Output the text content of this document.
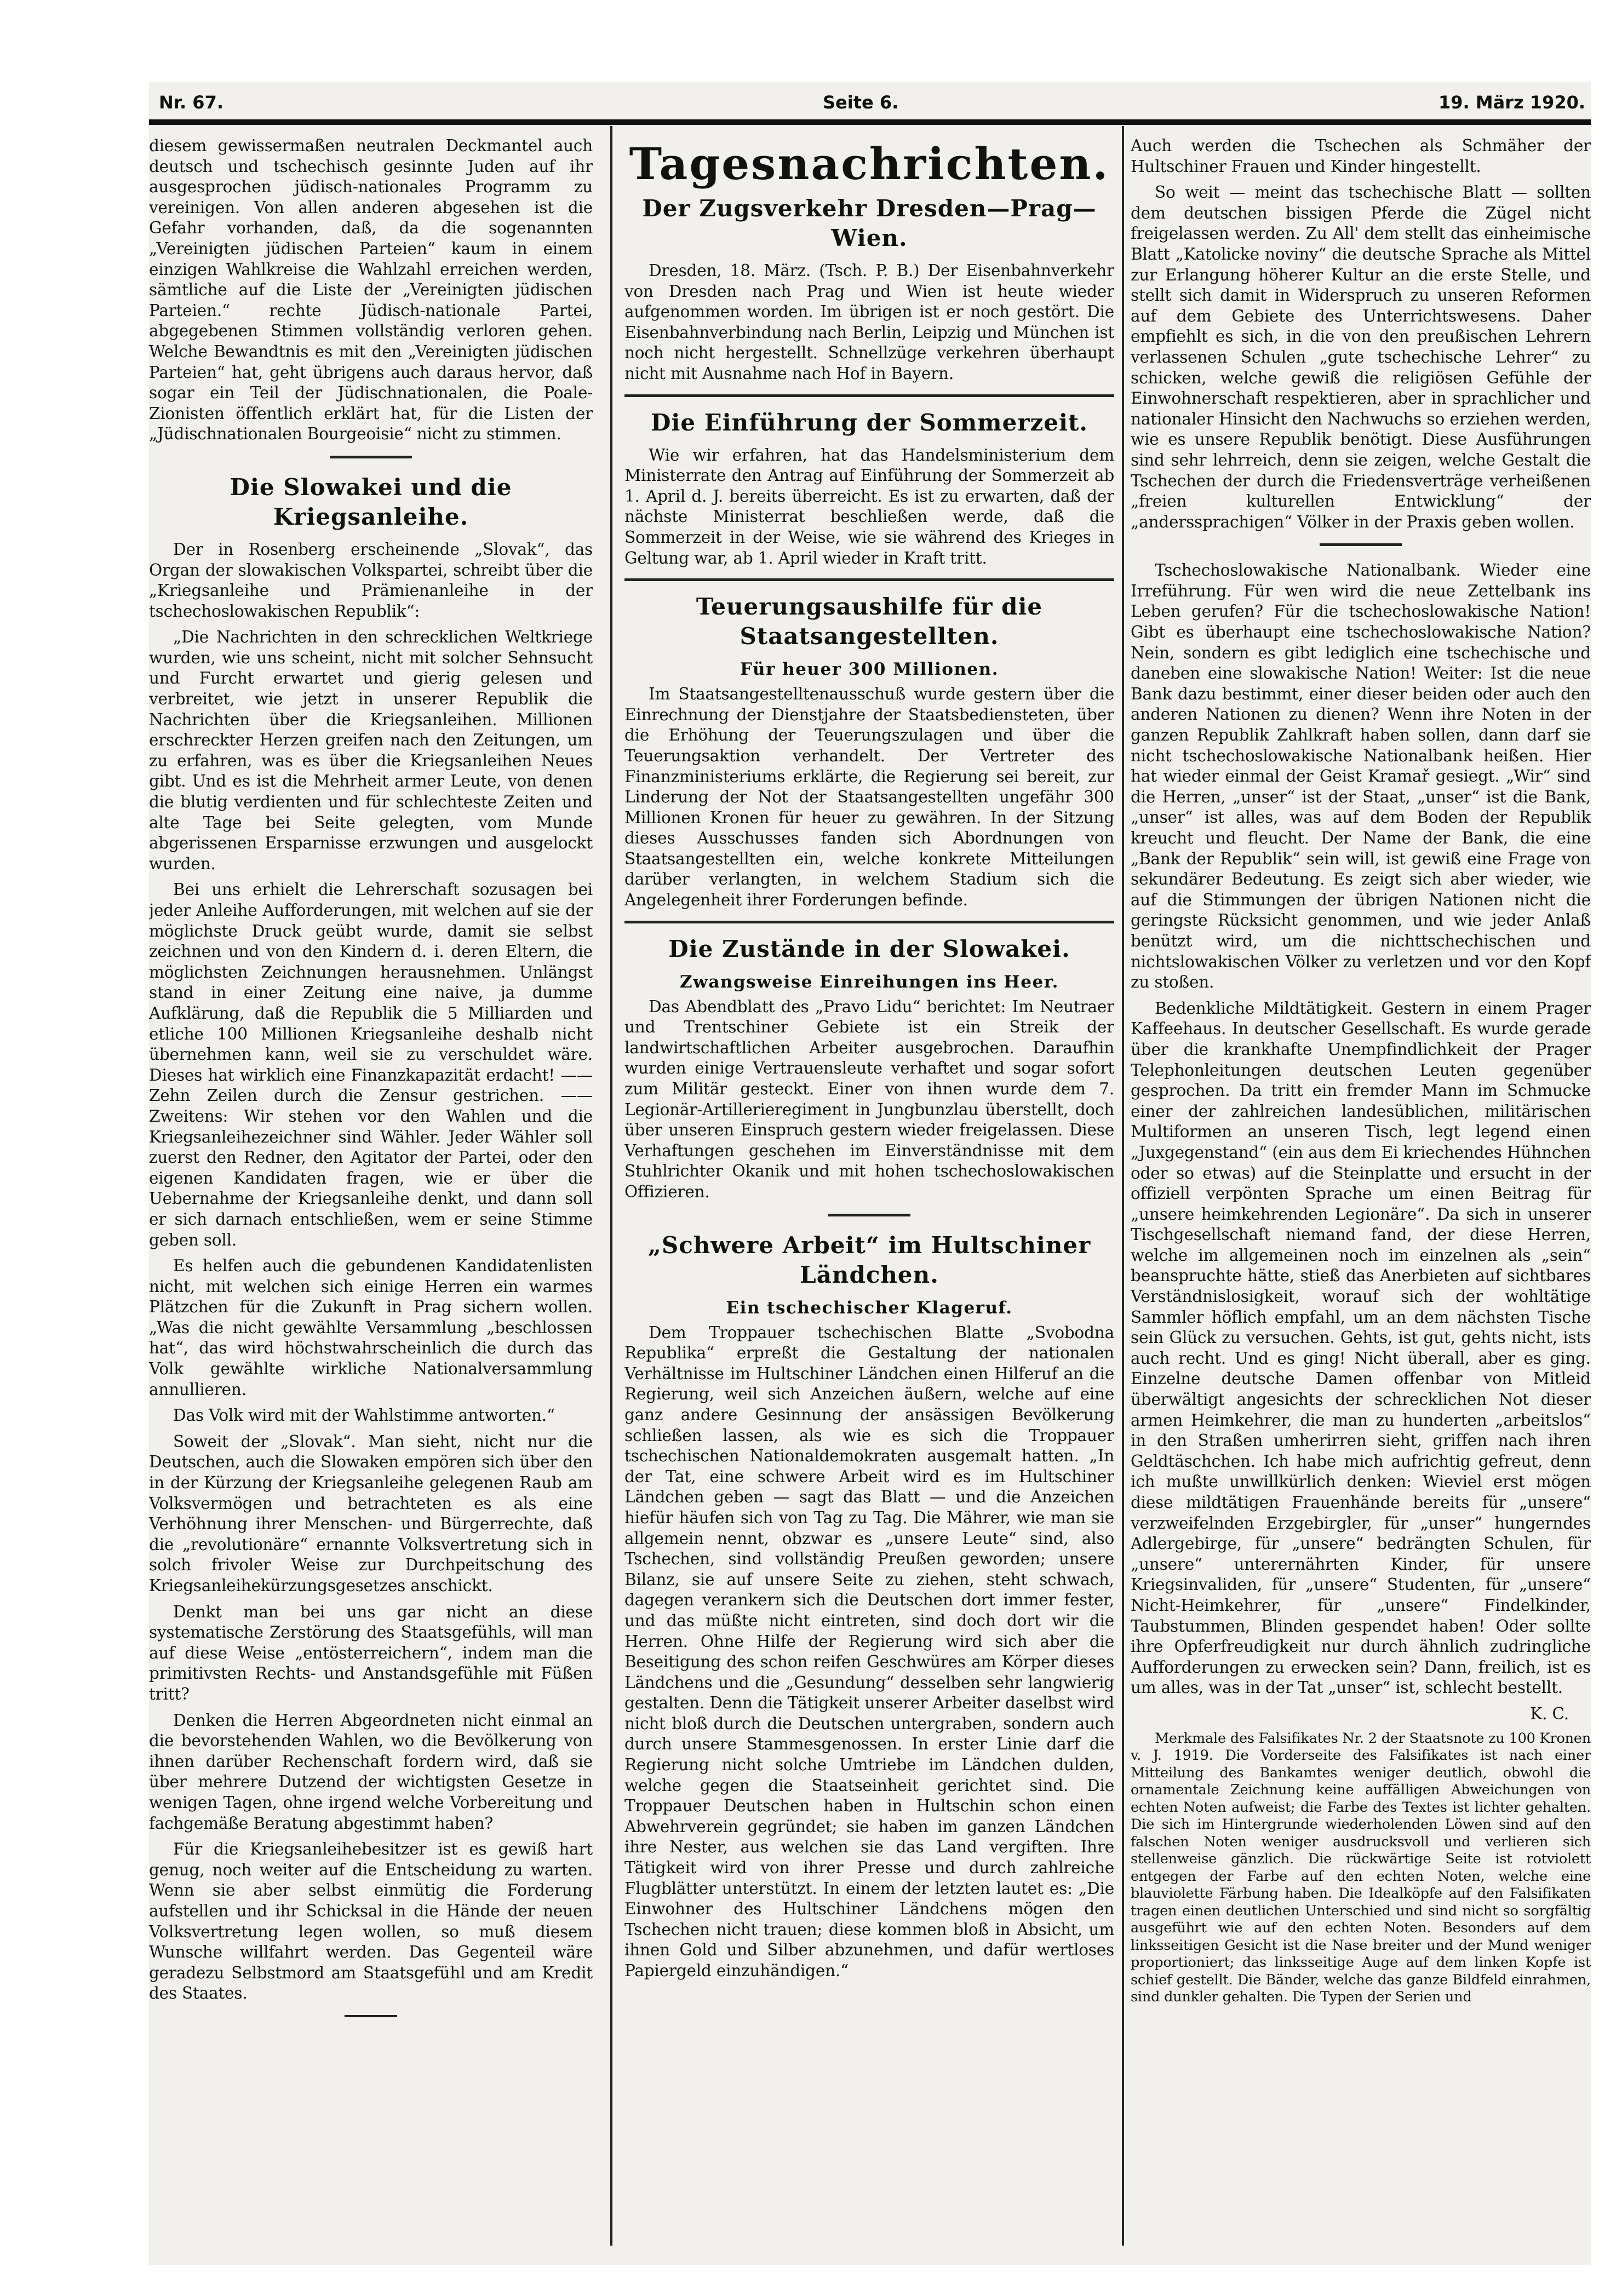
Nr. 67.	Seite 6.	19. März 1920.

diesem gewissermaßen neutralen Deckmantel auch deutsch und tschechisch gesinnte Juden auf ihr ausgesprochen jüdisch-nationales Programm zu vereinigen. Von allen anderen abgesehen ist die Gefahr vorhanden, daß, da die sogenannten „Vereinigten jüdischen Parteien“ kaum in einem einzigen Wahlkreise die Wahlzahl erreichen werden, sämtliche auf die Liste der „Vereinigten jüdischen Parteien.“ rechte Jüdisch-nationale Partei, abgegebenen Stimmen vollständig verloren gehen. Welche Bewandtnis es mit den „Vereinigten jüdischen Parteien“ hat, geht übrigens auch daraus hervor, daß sogar ein Teil der Jüdischnationalen, die Poale-Zionisten öffentlich erklärt hat, für die Listen der „Jüdischnationalen Bourgeoisie“ nicht zu stimmen.

Die Slowakei und die Kriegsanleihe.

Der in Rosenberg erscheinende „Slovak“, das Organ der slowakischen Volkspartei, schreibt über die „Kriegsanleihe und Prämienanleihe in der tschechoslowakischen Republik“:

„Die Nachrichten in den schrecklichen Weltkriege wurden, wie uns scheint, nicht mit solcher Sehnsucht und Furcht erwartet und gierig gelesen und verbreitet, wie jetzt in unserer Republik die Nachrichten über die Kriegsanleihen. Millionen erschreckter Herzen greifen nach den Zeitungen, um zu erfahren, was es über die Kriegsanleihen Neues gibt. Und es ist die Mehrheit armer Leute, von denen die blutig verdienten und für schlechteste Zeiten und alte Tage bei Seite gelegten, vom Munde abgerissenen Ersparnisse erzwungen und ausgelockt wurden.

Bei uns erhielt die Lehrerschaft sozusagen bei jeder Anleihe Aufforderungen, mit welchen auf sie der möglichste Druck geübt wurde, damit sie selbst zeichnen und von den Kindern d. i. deren Eltern, die möglichsten Zeichnungen herausnehmen. Unlängst stand in einer Zeitung eine naive, ja dumme Aufklärung, daß die Republik die 5 Milliarden und etliche 100 Millionen Kriegsanleihe deshalb nicht übernehmen kann, weil sie zu verschuldet wäre. Dieses hat wirklich eine Finanzkapazität erdacht! —— Zehn Zeilen durch die Zensur gestrichen. —— Zweitens: Wir stehen vor den Wahlen und die Kriegsanleihezeichner sind Wähler. Jeder Wähler soll zuerst den Redner, den Agitator der Partei, oder den eigenen Kandidaten fragen, wie er über die Uebernahme der Kriegsanleihe denkt, und dann soll er sich darnach entschließen, wem er seine Stimme geben soll.

Es helfen auch die gebundenen Kandidatenlisten nicht, mit welchen sich einige Herren ein warmes Plätzchen für die Zukunft in Prag sichern wollen. „Was die nicht gewählte Versammlung „beschlossen hat“, das wird höchstwahrscheinlich die durch das Volk gewählte wirkliche Nationalversammlung annullieren.

Das Volk wird mit der Wahlstimme antworten.“

Soweit der „Slovak“. Man sieht, nicht nur die Deutschen, auch die Slowaken empören sich über den in der Kürzung der Kriegsanleihe gelegenen Raub am Volksvermögen und betrachteten es als eine Verhöhnung ihrer Menschen- und Bürgerrechte, daß die „revolutionäre“ ernannte Volksvertretung sich in solch frivoler Weise zur Durchpeitschung des Kriegsanleihekürzungsgesetzes anschickt.

Denkt man bei uns gar nicht an diese systematische Zerstörung des Staatsgefühls, will man auf diese Weise „entösterreichern“, indem man die primitivsten Rechts- und Anstandsgefühle mit Füßen tritt?

Denken die Herren Abgeordneten nicht einmal an die bevorstehenden Wahlen, wo die Bevölkerung von ihnen darüber Rechenschaft fordern wird, daß sie über mehrere Dutzend der wichtigsten Gesetze in wenigen Tagen, ohne irgend welche Vorbereitung und fachgemäße Beratung abgestimmt haben?

Für die Kriegsanleihebesitzer ist es gewiß hart genug, noch weiter auf die Entscheidung zu warten. Wenn sie aber selbst einmütig die Forderung aufstellen und ihr Schicksal in die Hände der neuen Volksvertretung legen wollen, so muß diesem Wunsche willfahrt werden. Das Gegenteil wäre geradezu Selbstmord am Staatsgefühl und am Kredit des Staates.

Tagesnachrichten.
Der Zugsverkehr Dresden—Prag—Wien.

Dresden, 18. März. (Tsch. P. B.) Der Eisenbahnverkehr von Dresden nach Prag und Wien ist heute wieder aufgenommen worden. Im übrigen ist er noch gestört. Die Eisenbahnverbindung nach Berlin, Leipzig und München ist noch nicht hergestellt. Schnellzüge verkehren überhaupt nicht mit Ausnahme nach Hof in Bayern.

Die Einführung der Sommerzeit.

Wie wir erfahren, hat das Handelsministerium dem Ministerrate den Antrag auf Einführung der Sommerzeit ab 1. April d. J. bereits überreicht. Es ist zu erwarten, daß der nächste Ministerrat beschließen werde, daß die Sommerzeit in der Weise, wie sie während des Krieges in Geltung war, ab 1. April wieder in Kraft tritt.

Teuerungsaushilfe für die Staatsangestellten.
Für heuer 300 Millionen.

Im Staatsangestelltenausschuß wurde gestern über die Einrechnung der Dienstjahre der Staatsbediensteten, über die Erhöhung der Teuerungszulagen und über die Teuerungsaktion verhandelt. Der Vertreter des Finanzministeriums erklärte, die Regierung sei bereit, zur Linderung der Not der Staatsangestellten ungefähr 300 Millionen Kronen für heuer zu gewähren. In der Sitzung dieses Ausschusses fanden sich Abordnungen von Staatsangestellten ein, welche konkrete Mitteilungen darüber verlangten, in welchem Stadium sich die Angelegenheit ihrer Forderungen befinde.

Die Zustände in der Slowakei.
Zwangsweise Einreihungen ins Heer.

Das Abendblatt des „Pravo Lidu“ berichtet: Im Neutraer und Trentschiner Gebiete ist ein Streik der landwirtschaftlichen Arbeiter ausgebrochen. Daraufhin wurden einige Vertrauensleute verhaftet und sogar sofort zum Militär gesteckt. Einer von ihnen wurde dem 7. Legionär-Artillerieregiment in Jungbunzlau überstellt, doch über unseren Einspruch gestern wieder freigelassen. Diese Verhaftungen geschehen im Einverständnisse mit dem Stuhlrichter Okanik und mit hohen tschechoslowakischen Offizieren.

„Schwere Arbeit“ im Hultschiner Ländchen.
Ein tschechischer Klageruf.

Dem Troppauer tschechischen Blatte „Svobodna Republika“ erpreßt die Gestaltung der nationalen Verhältnisse im Hultschiner Ländchen einen Hilferuf an die Regierung, weil sich Anzeichen äußern, welche auf eine ganz andere Gesinnung der ansässigen Bevölkerung schließen lassen, als wie es sich die Troppauer tschechischen Nationaldemokraten ausgemalt hatten. „In der Tat, eine schwere Arbeit wird es im Hultschiner Ländchen geben — sagt das Blatt — und die Anzeichen hiefür häufen sich von Tag zu Tag. Die Mährer, wie man sie allgemein nennt, obzwar es „unsere Leute“ sind, also Tschechen, sind vollständig Preußen geworden; unsere Bilanz, sie auf unsere Seite zu ziehen, steht schwach, dagegen verankern sich die Deutschen dort immer fester, und das müßte nicht eintreten, sind doch dort wir die Herren. Ohne Hilfe der Regierung wird sich aber die Beseitigung des schon reifen Geschwüres am Körper dieses Ländchens und die „Gesundung“ desselben sehr langwierig gestalten. Denn die Tätigkeit unserer Arbeiter daselbst wird nicht bloß durch die Deutschen untergraben, sondern auch durch unsere Stammesgenossen. In erster Linie darf die Regierung nicht solche Umtriebe im Ländchen dulden, welche gegen die Staatseinheit gerichtet sind. Die Troppauer Deutschen haben in Hultschin schon einen Abwehrverein gegründet; sie haben im ganzen Ländchen ihre Nester, aus welchen sie das Land vergiften. Ihre Tätigkeit wird von ihrer Presse und durch zahlreiche Flugblätter unterstützt. In einem der letzten lautet es: „Die Einwohner des Hultschiner Ländchens mögen den Tschechen nicht trauen; diese kommen bloß in Absicht, um ihnen Gold und Silber abzunehmen, und dafür wertloses Papiergeld einzuhändigen.“

Auch werden die Tschechen als Schmäher der Hultschiner Frauen und Kinder hingestellt.

So weit — meint das tschechische Blatt — sollten dem deutschen bissigen Pferde die Zügel nicht freigelassen werden. Zu All' dem stellt das einheimische Blatt „Katolicke noviny“ die deutsche Sprache als Mittel zur Erlangung höherer Kultur an die erste Stelle, und stellt sich damit in Widerspruch zu unseren Reformen auf dem Gebiete des Unterrichtswesens. Daher empfiehlt es sich, in die von den preußischen Lehrern verlassenen Schulen „gute tschechische Lehrer“ zu schicken, welche gewiß die religiösen Gefühle der Einwohnerschaft respektieren, aber in sprachlicher und nationaler Hinsicht den Nachwuchs so erziehen werden, wie es unsere Republik benötigt. Diese Ausführungen sind sehr lehrreich, denn sie zeigen, welche Gestalt die Tschechen der durch die Friedensverträge verheißenen „freien kulturellen Entwicklung“ der „anderssprachigen“ Völker in der Praxis geben wollen.

Tschechoslowakische Nationalbank. Wieder eine Irreführung. Für wen wird die neue Zettelbank ins Leben gerufen? Für die tschechoslowakische Nation! Gibt es überhaupt eine tschechoslowakische Nation? Nein, sondern es gibt lediglich eine tschechische und daneben eine slowakische Nation! Weiter: Ist die neue Bank dazu bestimmt, einer dieser beiden oder auch den anderen Nationen zu dienen? Wenn ihre Noten in der ganzen Republik Zahlkraft haben sollen, dann darf sie nicht tschechoslowakische Nationalbank heißen. Hier hat wieder einmal der Geist Kramař gesiegt. „Wir“ sind die Herren, „unser“ ist der Staat, „unser“ ist die Bank, „unser“ ist alles, was auf dem Boden der Republik kreucht und fleucht. Der Name der Bank, die eine „Bank der Republik“ sein will, ist gewiß eine Frage von sekundärer Bedeutung. Es zeigt sich aber wieder, wie auf die Stimmungen der übrigen Nationen nicht die geringste Rücksicht genommen, und wie jeder Anlaß benützt wird, um die nichttschechischen und nichtslowakischen Völker zu verletzen und vor den Kopf zu stoßen.

Bedenkliche Mildtätigkeit. Gestern in einem Prager Kaffeehaus. In deutscher Gesellschaft. Es wurde gerade über die krankhafte Unempfindlichkeit der Prager Telephonleitungen deutschen Leuten gegenüber gesprochen. Da tritt ein fremder Mann im Schmucke einer der zahlreichen landesüblichen, militärischen Multiformen an unseren Tisch, legt legend einen „Juxgegenstand“ (ein aus dem Ei kriechendes Hühnchen oder so etwas) auf die Steinplatte und ersucht in der offiziell verpönten Sprache um einen Beitrag für „unsere heimkehrenden Legionäre“. Da sich in unserer Tischgesellschaft niemand fand, der diese Herren, welche im allgemeinen noch im einzelnen als „sein“ beanspruchte hätte, stieß das Anerbieten auf sichtbares Verständnislosigkeit, worauf sich der wohltätige Sammler höflich empfahl, um an dem nächsten Tische sein Glück zu versuchen. Gehts, ist gut, gehts nicht, ists auch recht. Und es ging! Nicht überall, aber es ging. Einzelne deutsche Damen offenbar von Mitleid überwältigt angesichts der schrecklichen Not dieser armen Heimkehrer, die man zu hunderten „arbeitslos“ in den Straßen umherirren sieht, griffen nach ihren Geldtäschchen. Ich habe mich aufrichtig gefreut, denn ich mußte unwillkürlich denken: Wieviel erst mögen diese mildtätigen Frauenhände bereits für „unsere“ verzweifelnden Erzgebirgler, für „unser“ hungerndes Adlergebirge, für „unsere“ bedrängten Schulen, für „unsere“ unterernährten Kinder, für unsere Kriegsinvaliden, für „unsere“ Studenten, für „unsere“ Nicht-Heimkehrer, für „unsere“ Findelkinder, Taubstummen, Blinden gespendet haben! Oder sollte ihre Opferfreudigkeit nur durch ähnlich zudringliche Aufforderungen zu erwecken sein? Dann, freilich, ist es um alles, was in der Tat „unser“ ist, schlecht bestellt.

K. C.

Merkmale des Falsifikates Nr. 2 der Staatsnote zu 100 Kronen v. J. 1919. Die Vorderseite des Falsifikates ist nach einer Mitteilung des Bankamtes weniger deutlich, obwohl die ornamentale Zeichnung keine auffälligen Abweichungen von echten Noten aufweist; die Farbe des Textes ist lichter gehalten. Die sich im Hintergrunde wiederholenden Löwen sind auf den falschen Noten weniger ausdrucksvoll und verlieren sich stellenweise gänzlich. Die rückwärtige Seite ist rotviolett entgegen der Farbe auf den echten Noten, welche eine blauviolette Färbung haben. Die Idealköpfe auf den Falsifikaten tragen einen deutlichen Unterschied und sind nicht so sorgfältig ausgeführt wie auf den echten Noten. Besonders auf dem linksseitigen Gesicht ist die Nase breiter und der Mund weniger proportioniert; das linksseitige Auge auf dem linken Kopfe ist schief gestellt. Die Bänder, welche das ganze Bildfeld einrahmen, sind dunkler gehalten. Die Typen der Serien und
